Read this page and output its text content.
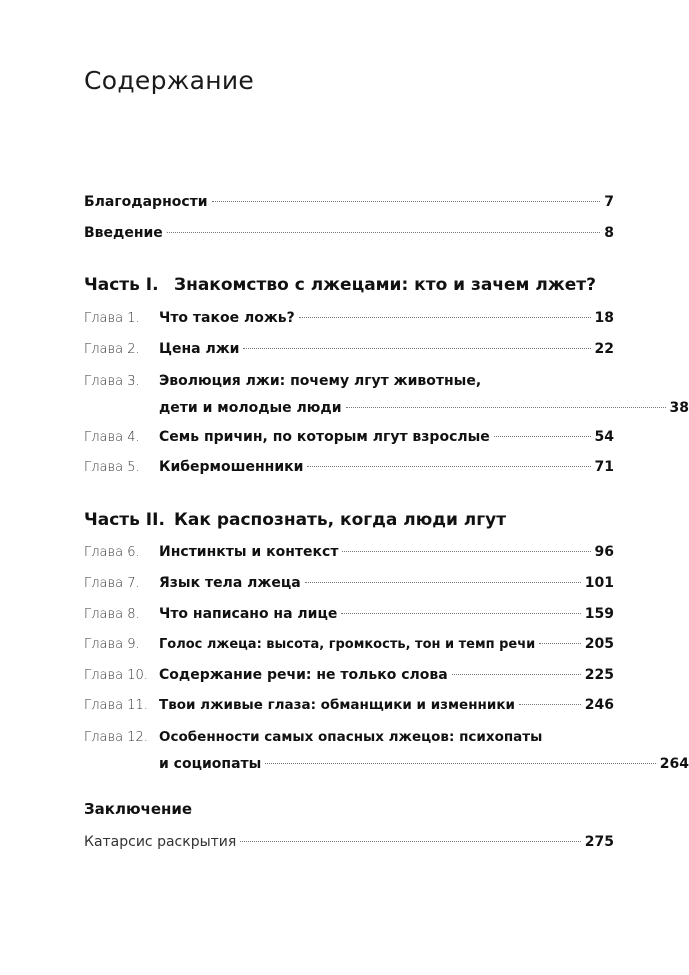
Содержание
Благодарности	7
Введение	8
Часть I. Знакомство с лжецами: кто и зачем лжет?
Глава 1.	Что такое ложь?	18
Глава 2.	Цена лжи	22
Глава 3.	Эволюция лжи: почему лгут животные,
дети и молодые люди	38
Глава 4.	Семь причин, по которым лгут взрослые	54
Глава 5.	Кибермошенники	71
Часть II. Как распознать, когда люди лгут
Глава 6.	Инстинкты и контекст	96
Глава 7.	Язык тела лжеца	101
Глава 8.	Что написано на лице	159
Глава 9.	Голос лжеца: высота, громкость, тон и темп речи	205
Глава 10. Содержание речи: не только слова	225
Глава 11. Твои лживые глаза: обманщики и изменники	246
Глава 12. Особенности самых опасных лжецов: психопаты
и социопаты	264
Заключение
Катарсис раскрытия	275
